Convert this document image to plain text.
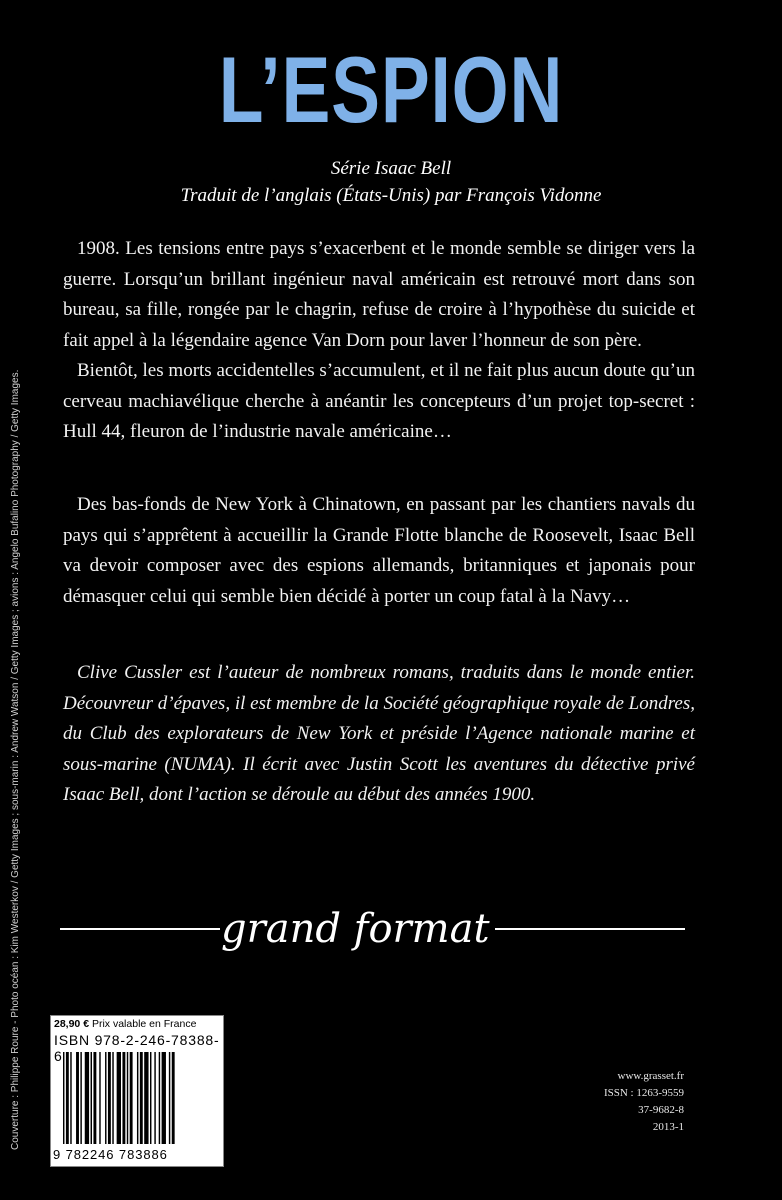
L’ESPION
Série Isaac Bell
Traduit de l’anglais (États-Unis) par François Vidonne

1908. Les tensions entre pays s’exacerbent et le monde semble se diriger vers la guerre. Lorsqu’un brillant ingénieur naval américain est retrouvé mort dans son bureau, sa fille, rongée par le chagrin, refuse de croire à l’hypothèse du suicide et fait appel à la légendaire agence Van Dorn pour laver l’honneur de son père.

Bientôt, les morts accidentelles s’accumulent, et il ne fait plus aucun doute qu’un cerveau machiavélique cherche à anéantir les concepteurs d’un projet top-secret : Hull 44, fleuron de l’industrie navale américaine…

Des bas-fonds de New York à Chinatown, en passant par les chantiers navals du pays qui s’apprêtent à accueillir la Grande Flotte blanche de Roosevelt, Isaac Bell va devoir composer avec des espions allemands, britanniques et japonais pour démasquer celui qui semble bien décidé à porter un coup fatal à la Navy…

Clive Cussler est l’auteur de nombreux romans, traduits dans le monde entier. Découvreur d’épaves, il est membre de la Société géographique royale de Londres, du Club des explorateurs de New York et préside l’Agence nationale marine et sous-marine (NUMA). Il écrit avec Justin Scott les aventures du détective privé Isaac Bell, dont l’action se déroule au début des années 1900.

grand format
Couverture : Philippe Roure - Photo océan : Kim Westerkov / Getty Images ; sous-marin : Andrew Watson / Getty Images ; avions : Angelo Bufalino Photography / Getty Images.	28,90 € Prix valable en France
ISBN 978-2-246-78388-6
9 782246 783886
www.grasset.fr
ISSN : 1263-9559
37-9682-8
2013-1
